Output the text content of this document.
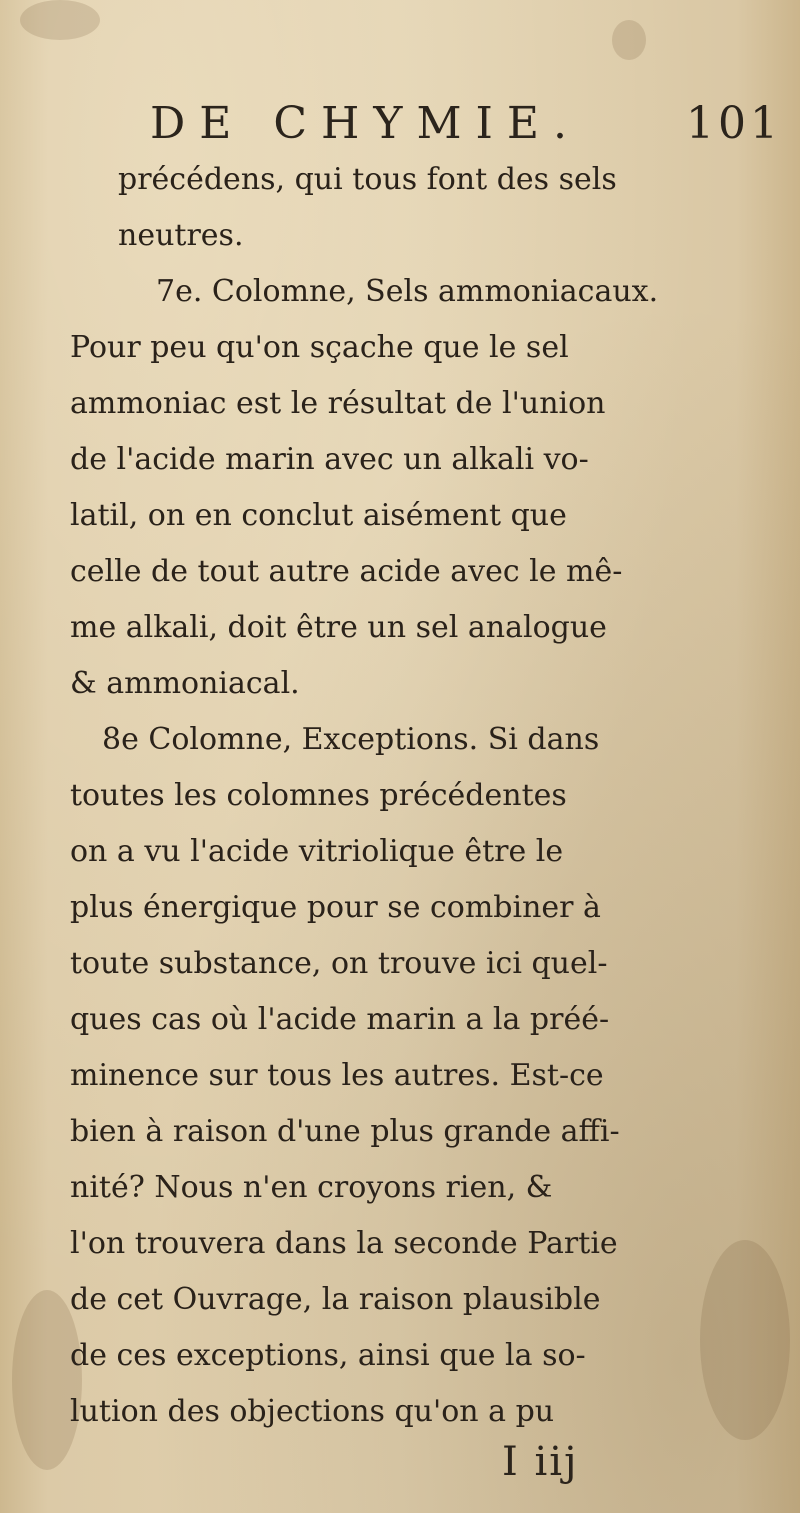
DE CHYMIE. 101
précédens, qui tous font des sels
neutres.
7e. Colomne, Sels ammoniacaux.
Pour peu qu'on sçache que le sel
ammoniac est le résultat de l'union
de l'acide marin avec un alkali vo-
latil, on en conclut aisément que
celle de tout autre acide avec le mê-
me alkali, doit être un sel analogue
& ammoniacal.
8e Colomne, Exceptions. Si dans
toutes les colomnes précédentes
on a vu l'acide vitriolique être le
plus énergique pour se combiner à
toute substance, on trouve ici quel-
ques cas où l'acide marin a la préé-
minence sur tous les autres. Est-ce
bien à raison d'une plus grande affi-
nité? Nous n'en croyons rien, &
l'on trouvera dans la seconde Partie
de cet Ouvrage, la raison plausible
de ces exceptions, ainsi que la so-
lution des objections qu'on a pu
I iij
